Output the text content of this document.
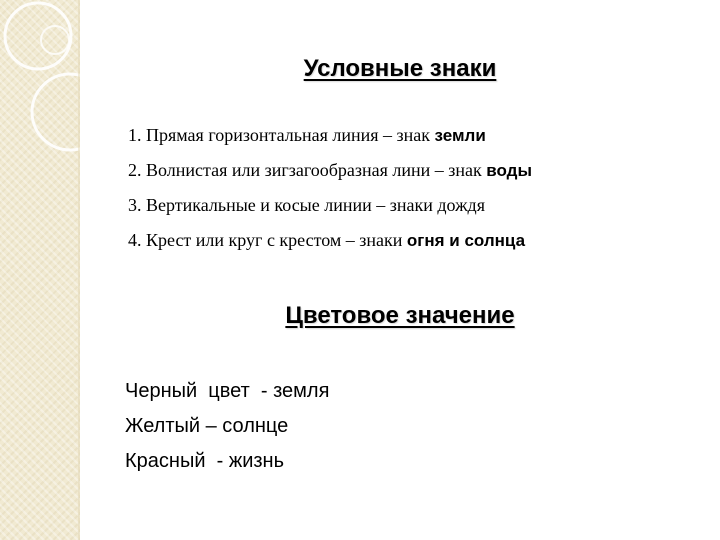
Условные знаки
1. Прямая горизонтальная линия – знак земли
2. Волнистая или зигзагообразная лини – знак воды
3. Вертикальные и косые линии – знаки дождя
4. Крест или круг с крестом – знаки огня и солнца
Цветовое значение
Черный  цвет  - земля
Желтый – солнце
Красный  - жизнь
